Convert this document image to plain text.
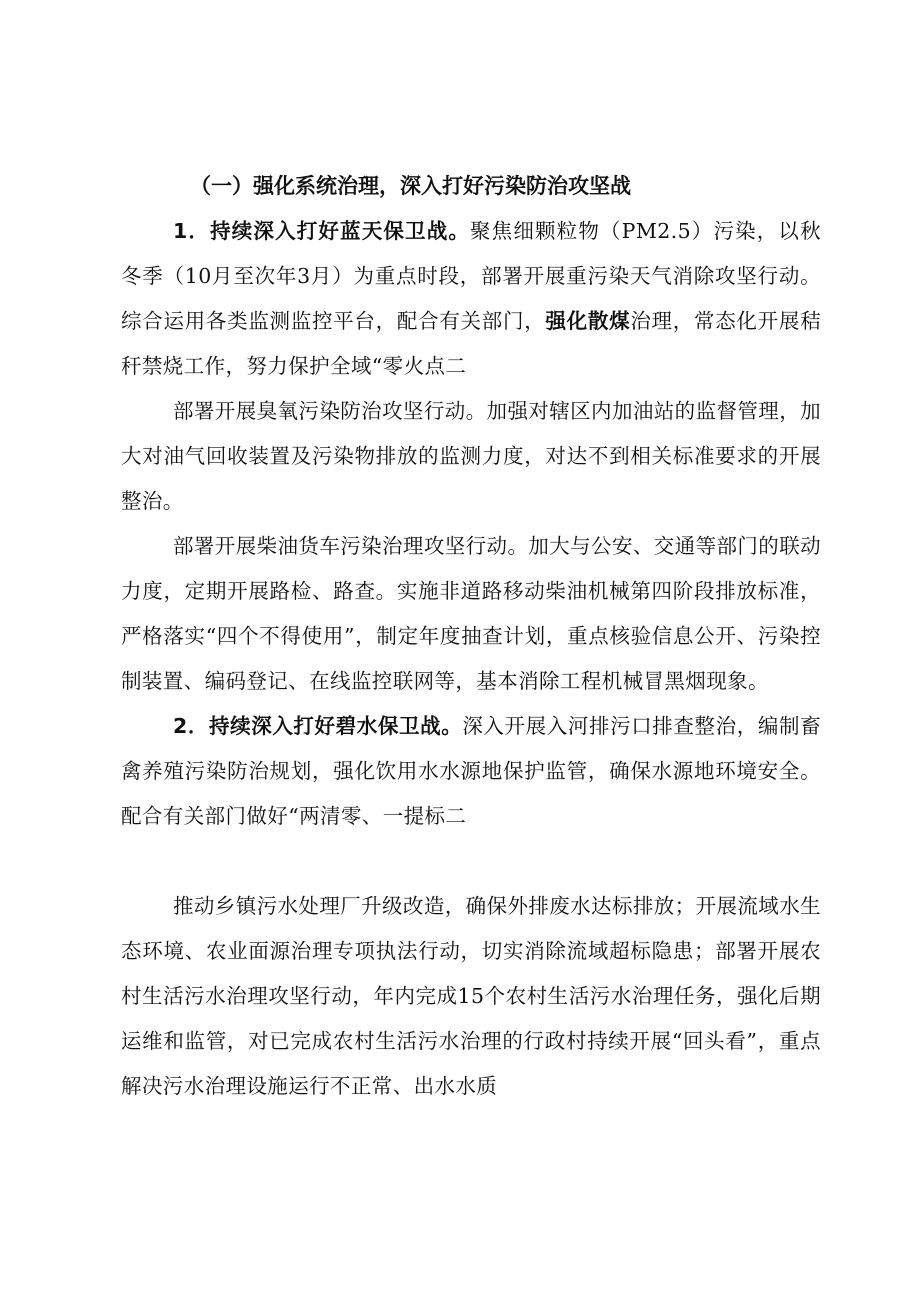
（一）强化系统治理，深入打好污染防治攻坚战
1．持续深入打好蓝天保卫战。聚焦细颗粒物（PM2.5）污染，以秋冬季（10月至次年3月）为重点时段，部署开展重污染天气消除攻坚行动。综合运用各类监测监控平台，配合有关部门，强化散煤治理，常态化开展秸秆禁烧工作，努力保护全域“零火点二
部署开展臭氧污染防治攻坚行动。加强对辖区内加油站的监督管理，加大对油气回收装置及污染物排放的监测力度，对达不到相关标准要求的开展整治。
部署开展柴油货车污染治理攻坚行动。加大与公安、交通等部门的联动力度，定期开展路检、路查。实施非道路移动柴油机械第四阶段排放标准，严格落实“四个不得使用”，制定年度抽查计划，重点核验信息公开、污染控制装置、编码登记、在线监控联网等，基本消除工程机械冒黑烟现象。
2．持续深入打好碧水保卫战。深入开展入河排污口排查整治，编制畜禽养殖污染防治规划，强化饮用水水源地保护监管，确保水源地环境安全。配合有关部门做好“两清零、一提标二
推动乡镇污水处理厂升级改造，确保外排废水达标排放；开展流域水生态环境、农业面源治理专项执法行动，切实消除流域超标隐患；部署开展农村生活污水治理攻坚行动，年内完成15个农村生活污水治理任务，强化后期运维和监管，对已完成农村生活污水治理的行政村持续开展“回头看”，重点解决污水治理设施运行不正常、出水水质
